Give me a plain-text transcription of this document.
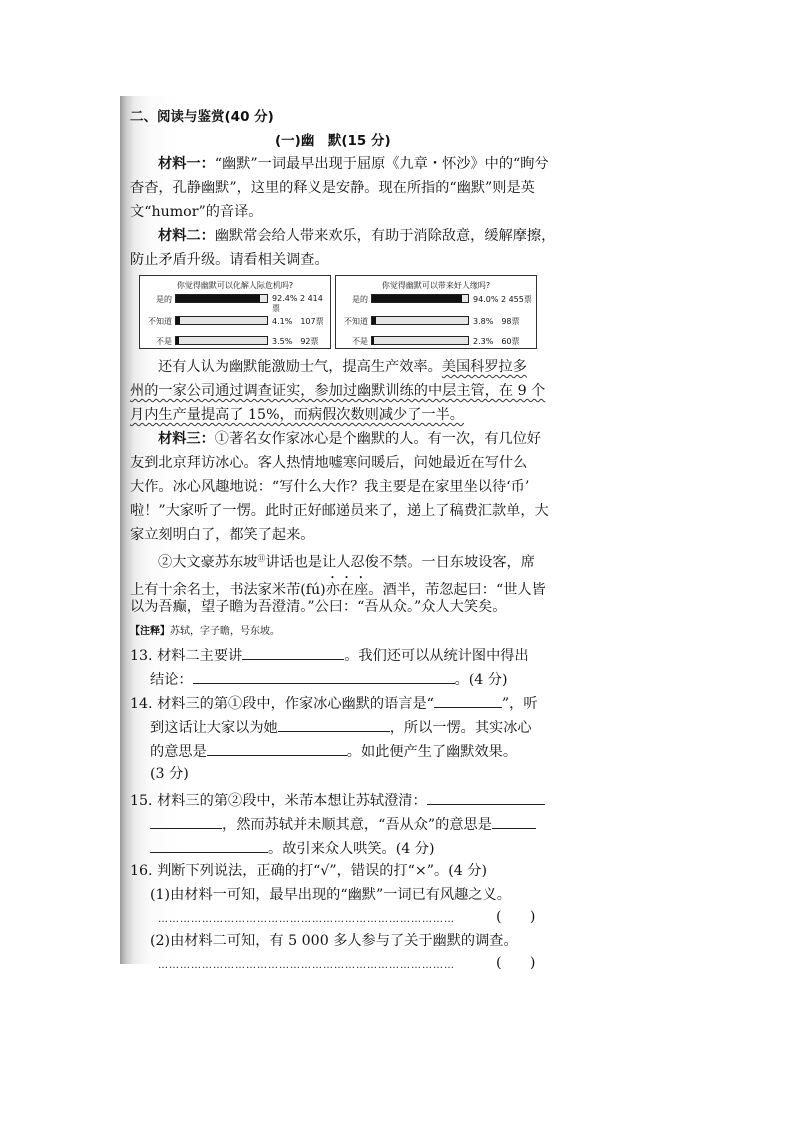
二、阅读与鉴赏(40 分)
(一)幽　默(15 分)
材料一：“幽默”一词最早出现于屈原《九章・怀沙》中的“眴兮
杳杳，孔静幽默”，这里的释义是安静。现在所指的“幽默”则是英
文“humor”的音译。
材料二：幽默常会给人带来欢乐，有助于消除敌意，缓解摩擦，
防止矛盾升级。请看相关调查。
你觉得幽默可以化解人际危机吗?
是的	92.4% 2 414票
不知道	4.1%　107票
不是	3.5%　92票
你觉得幽默可以带来好人缘吗?
是的	94.0% 2 455票
不知道	3.8%　98票
不是	2.3%　60票
还有人认为幽默能激励士气，提高生产效率。美国科罗拉多
州的一家公司通过调查证实，参加过幽默训练的中层主管，在 9 个
月内生产量提高了 15%，而病假次数则减少了一半。
材料三：①著名女作家冰心是个幽默的人。有一次，有几位好
友到北京拜访冰心。客人热情地嘘寒问暖后，问她最近在写什么
大作。冰心风趣地说：“写什么大作？我主要是在家里坐以待‘币’
啦！”大家听了一愣。此时正好邮递员来了，递上了稿费汇款单，大
家立刻明白了，都笑了起来。
②大文豪苏东坡⑪讲话也是让人忍俊不禁。一日东坡设客，席
上有十余名士，书法家米芾(fú)亦在座。酒半，芾忽起曰：“世人皆
以为吾癫，望子瞻为吾澄清。”公曰：“吾从众。”众人大笑矣。
【注释】苏轼，字子瞻，号东坡。
13. 材料二主要讲	。我们还可以从统计图中得出
结论：	。(4 分)
14. 材料三的第①段中，作家冰心幽默的语言是“	”，听
到这话让大家以为她	，所以一愣。其实冰心
的意思是	。如此便产生了幽默效果。
(3 分)
15. 材料三的第②段中，米芾本想让苏轼澄清：
，然而苏轼并未顺其意，“吾从众”的意思是
。故引来众人哄笑。(4 分)
16. 判断下列说法，正确的打“√”，错误的打“×”。(4 分)
(1)由材料一可知，最早出现的“幽默”一词已有风趣之义。
………………………………………………………………………	(　　)
(2)由材料二可知，有 5 000 多人参与了关于幽默的调查。
………………………………………………………………………	(　　)
